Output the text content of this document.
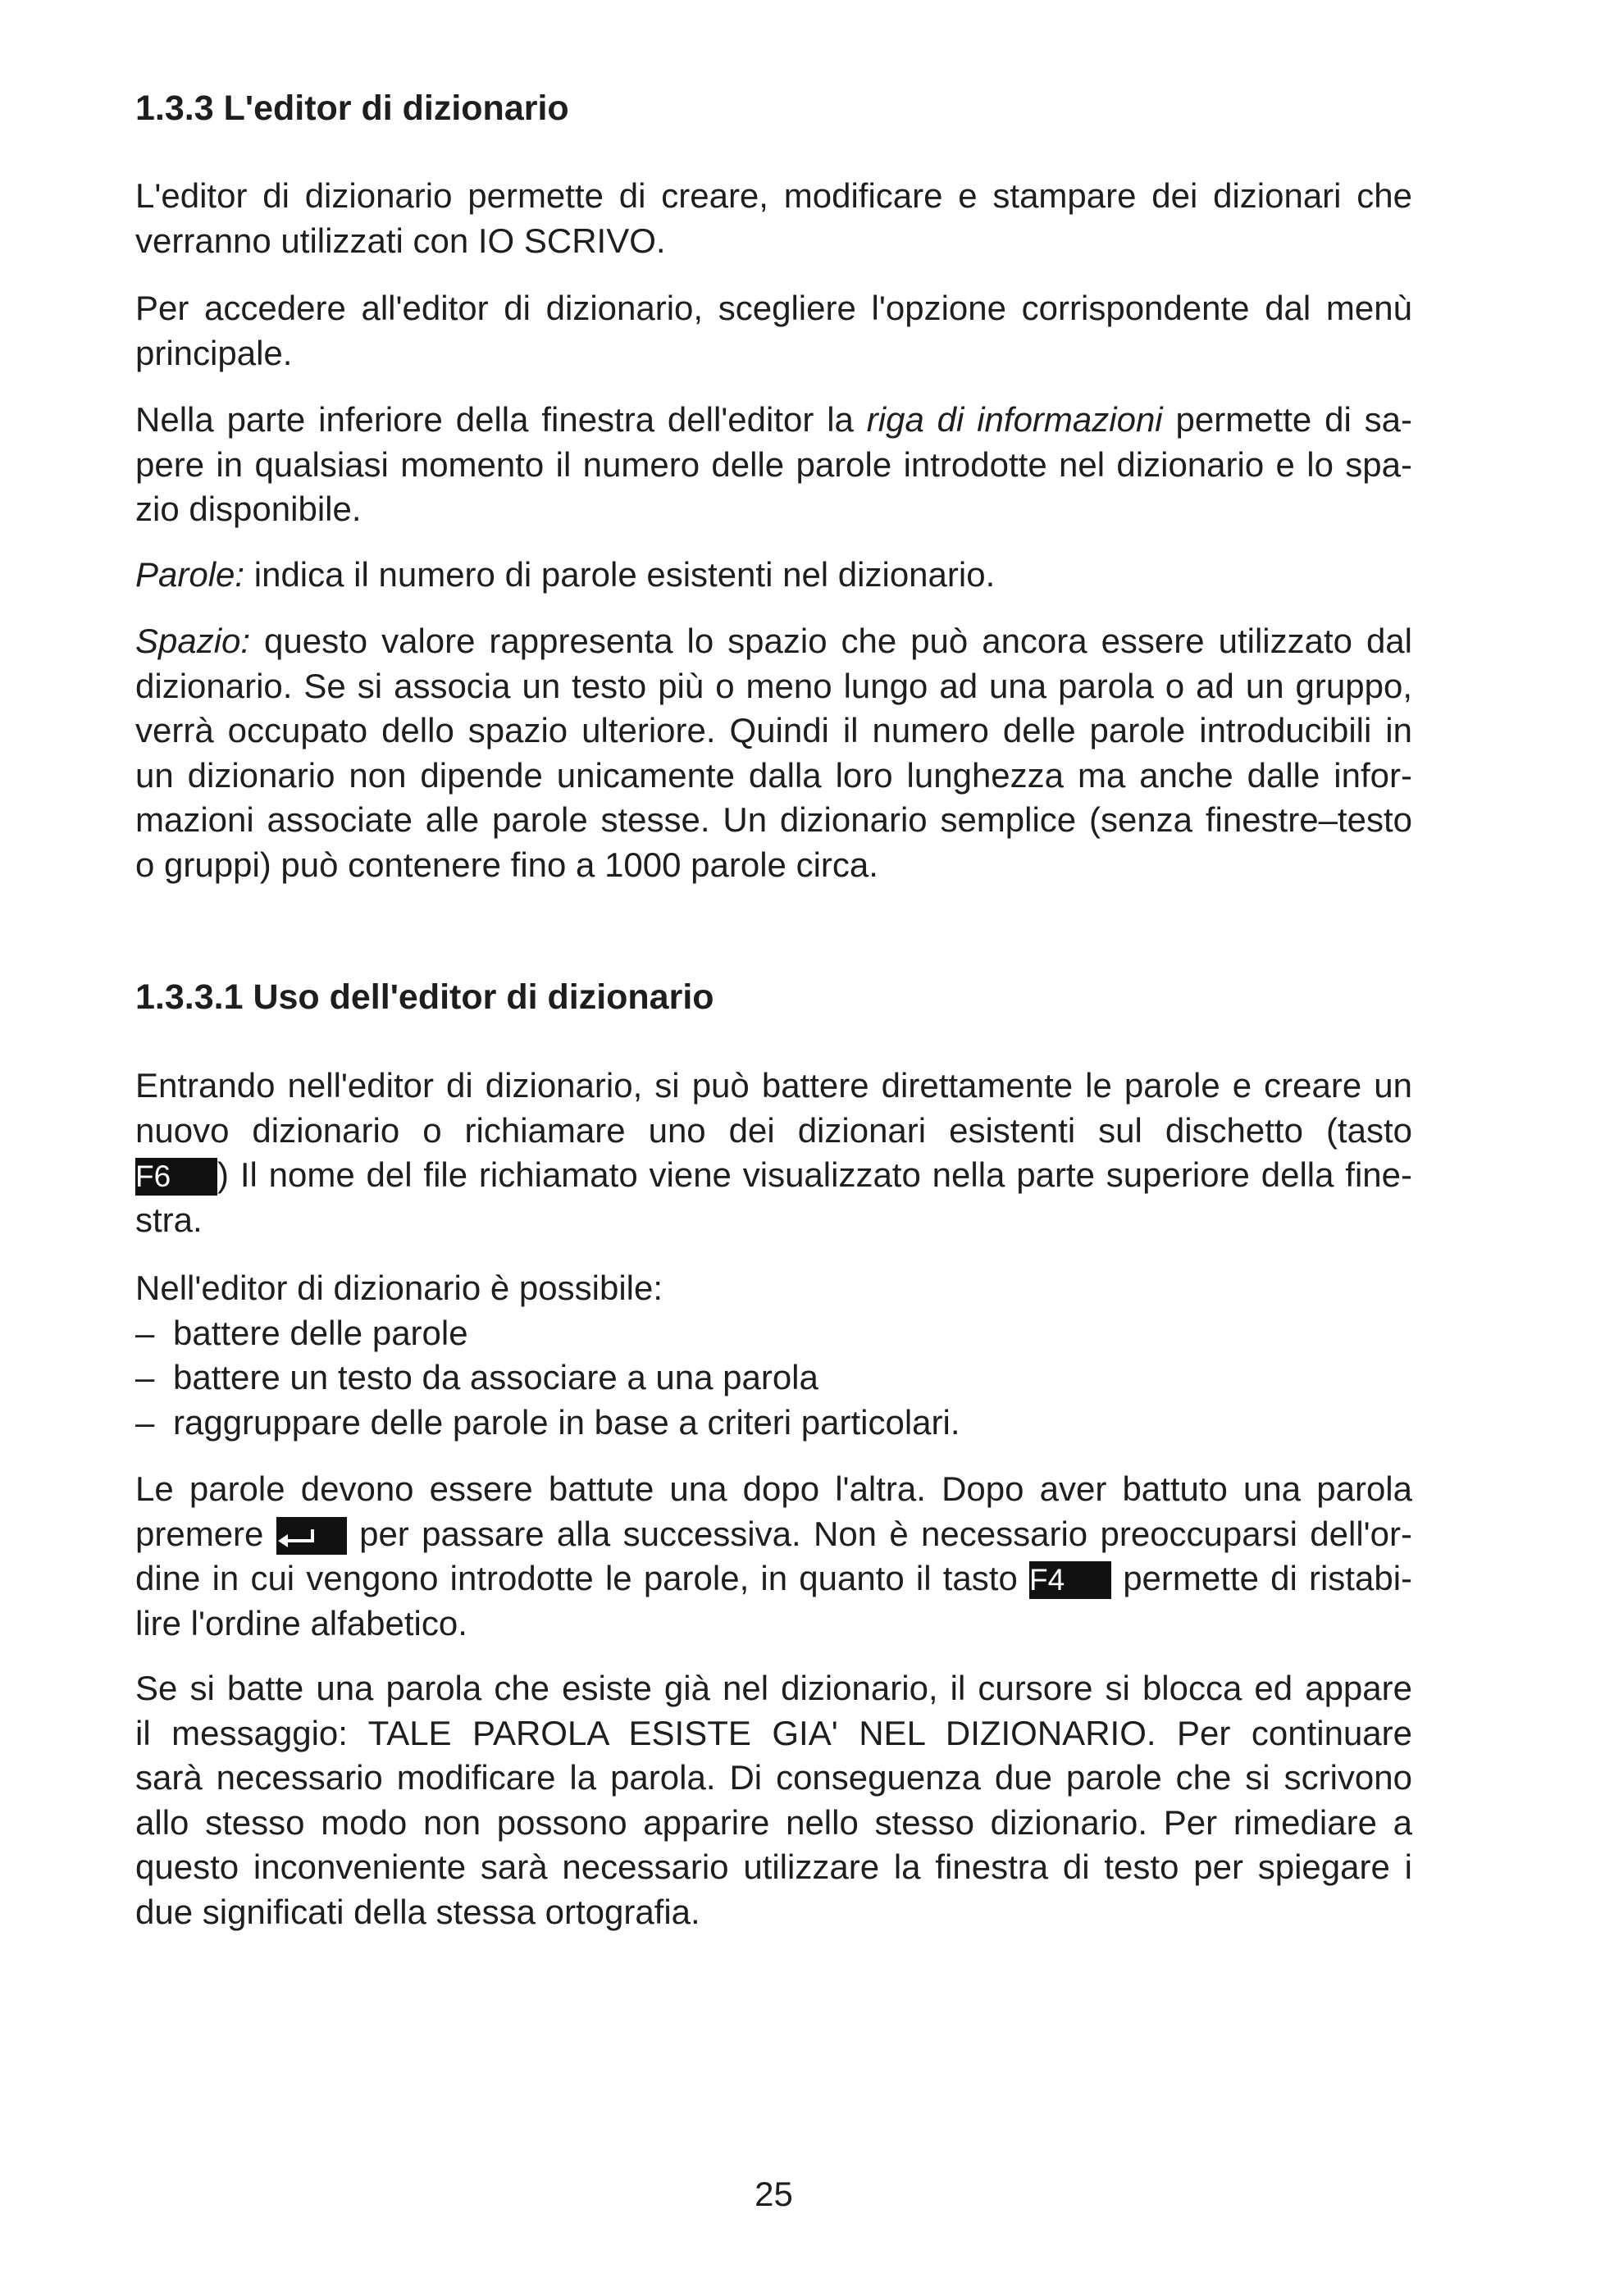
1.3.3 L'editor di dizionario
L'editor di dizionario permette di creare, modificare e stampare dei dizionari che
verranno utilizzati con IO SCRIVO.
Per accedere all'editor di dizionario, scegliere l'opzione corrispondente dal menù
principale.
Nella parte inferiore della finestra dell'editor la riga di informazioni permette di sa-
pere in qualsiasi momento il numero delle parole introdotte nel dizionario e lo spa-
zio disponibile.
Parole: indica il numero di parole esistenti nel dizionario.
Spazio: questo valore rappresenta lo spazio che può ancora essere utilizzato dal
dizionario. Se si associa un testo più o meno lungo ad una parola o ad un gruppo,
verrà occupato dello spazio ulteriore. Quindi il numero delle parole introducibili in
un dizionario non dipende unicamente dalla loro lunghezza ma anche dalle infor-
mazioni associate alle parole stesse. Un dizionario semplice (senza finestre–testo
o gruppi) può contenere fino a 1000 parole circa.
1.3.3.1 Uso dell'editor di dizionario
Entrando nell'editor di dizionario, si può battere direttamente le parole e creare un
nuovo dizionario o richiamare uno dei dizionari esistenti sul dischetto (tasto
F6 ) Il nome del file richiamato viene visualizzato nella parte superiore della fine-
stra.
Nell'editor di dizionario è possibile:
– battere delle parole
– battere un testo da associare a una parola
– raggruppare delle parole in base a criteri particolari.
Le parole devono essere battute una dopo l'altra. Dopo aver battuto una parola
premere	per passare alla successiva. Non è necessario preoccuparsi dell'or-
dine in cui vengono introdotte le parole, in quanto il tasto F4 permette di ristabi-
lire l'ordine alfabetico.
Se si batte una parola che esiste già nel dizionario, il cursore si blocca ed appare
il messaggio: TALE PAROLA ESISTE GIA' NEL DIZIONARIO. Per continuare
sarà necessario modificare la parola. Di conseguenza due parole che si scrivono
allo stesso modo non possono apparire nello stesso dizionario. Per rimediare a
questo inconveniente sarà necessario utilizzare la finestra di testo per spiegare i
due significati della stessa ortografia.
25
